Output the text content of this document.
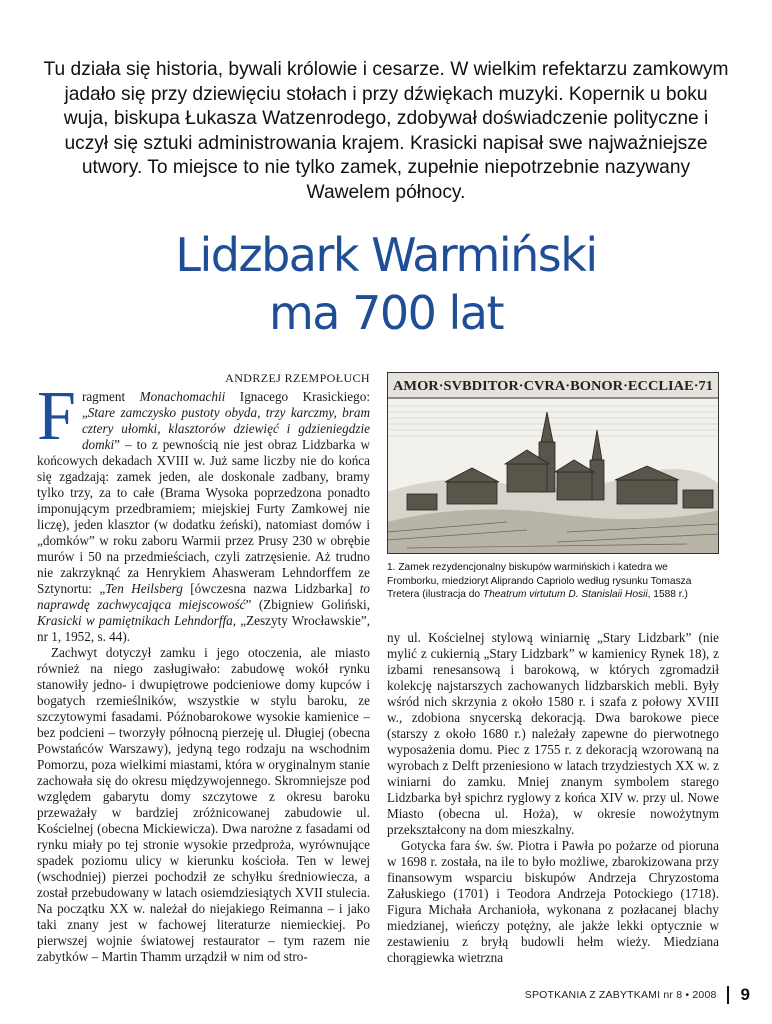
Tu działa się historia, bywali królowie i cesarze. W wielkim refektarzu zamkowym jadało się przy dziewięciu stołach i przy dźwiękach muzyki. Kopernik u boku wuja, biskupa Łukasza Watzenrodego, zdobywał doświadczenie polityczne i uczył się sztuki administrowania krajem. Krasicki napisał swe najważniejsze utwory. To miejsce to nie tylko zamek, zupełnie niepotrzebnie nazywany Wawelem północy.
Lidzbark Warmiński
ma 700 lat
ANDRZEJ RZEMPOŁUCH

Fragment Monachomachii Ignacego Krasickiego: „Stare zamczysko pustoty obyda, trzy karczmy, bram cztery ułomki, klasztorów dziewięć i gdzieniegdzie domki” – to z pewnością nie jest obraz Lidzbarka w końcowych dekadach XVIII w. Już same liczby nie do końca się zgadzają: zamek jeden, ale doskonale zadbany, bramy tylko trzy, za to całe (Brama Wysoka poprzedzona ponadto imponującym przedbramiem; miejskiej Furty Zamkowej nie liczę), jeden klasztor (w dodatku żeński), natomiast domów i „domków” w roku zaboru Warmii przez Prusy 230 w obrębie murów i 50 na przedmieściach, czyli zatrzęsienie. Aż trudno nie zakrzyknąć za Henrykiem Ahasweram Lehndorffem ze Sztynortu: „Ten Heilsberg [ówczesna nazwa Lidzbarka] to naprawdę zachwycająca miejscowość” (Zbigniew Goliński, Krasicki w pamiętnikach Lehndorffa, „Zeszyty Wrocławskie”, nr 1, 1952, s. 44).

Zachwyt dotyczył zamku i jego otoczenia, ale miasto również na niego zasługiwało: zabudowę wokół rynku stanowiły jedno- i dwupiętrowe podcieniowe domy kupców i bogatych rzemieślników, wszystkie w stylu baroku, ze szczytowymi fasadami. Późnobarokowe wysokie kamienice – bez podcieni – tworzyły północną pierzeję ul. Długiej (obecna Powstańców Warszawy), jedyną tego rodzaju na wschodnim Pomorzu, poza wielkimi miastami, która w oryginalnym stanie zachowała się do okresu międzywojennego. Skromniejsze pod względem gabarytu domy szczytowe z okresu baroku przeważały w bardziej zróżnicowanej zabudowie ul. Kościelnej (obecna Mickiewicza). Dwa narożne z fasadami od rynku miały po tej stronie wysokie przedproża, wyrównujące spadek poziomu ulicy w kierunku kościoła. Ten w lewej (wschodniej) pierzei pochodził ze schyłku średniowiecza, a został przebudowany w latach osiemdziesiątych XVII stulecia. Na początku XX w. należał do niejakiego Reimanna – i jako taki znany jest w fachowej literaturze niemieckiej. Po pierwszej wojnie światowej restaurator – tym razem nie zabytków – Martin Thamm urządził w nim od stro-

AMOR·SVBDITOR·CVRA·BONOR·ECCLIAE·71
1. Zamek rezydencjonalny biskupów warmińskich i katedra we Fromborku, miedzioryt Aliprando Capriolo według rysunku Tomasza Tretera (ilustracja do Theatrum virtutum D. Stanislaii Hosii, 1588 r.)

ny ul. Kościelnej stylową winiarnię „Stary Lidzbark” (nie mylić z cukiernią „Stary Lidzbark” w kamienicy Rynek 18), z izbami renesansową i barokową, w których zgromadził kolekcję najstarszych zachowanych lidzbarskich mebli. Były wśród nich skrzynia z około 1580 r. i szafa z połowy XVIII w., zdobiona snycerską dekoracją. Dwa barokowe piece (starszy z około 1680 r.) należały zapewne do pierwotnego wyposażenia domu. Piec z 1755 r. z dekoracją wzorowaną na wyrobach z Delft przeniesiono w latach trzydziestych XX w. z winiarni do zamku. Mniej znanym symbolem starego Lidzbarka był spichrz ryglowy z końca XIV w. przy ul. Nowe Miasto (obecna ul. Hoża), w okresie nowożytnym przekształcony na dom mieszkalny.

Gotycka fara św. św. Piotra i Pawła po pożarze od pioruna w 1698 r. została, na ile to było możliwe, zbarokizowana przy finansowym wsparciu biskupów Andrzeja Chryzostoma Załuskiego (1701) i Teodora Andrzeja Potockiego (1718). Figura Michała Archanioła, wykonana z pozłacanej blachy miedzianej, wieńczy potężny, ale jakże lekki optycznie w zestawieniu z bryłą budowli hełm wieży. Miedziana chorągiewka wietrzna

SPOTKANIA Z ZABYTKAMI nr 8 • 2008 9
